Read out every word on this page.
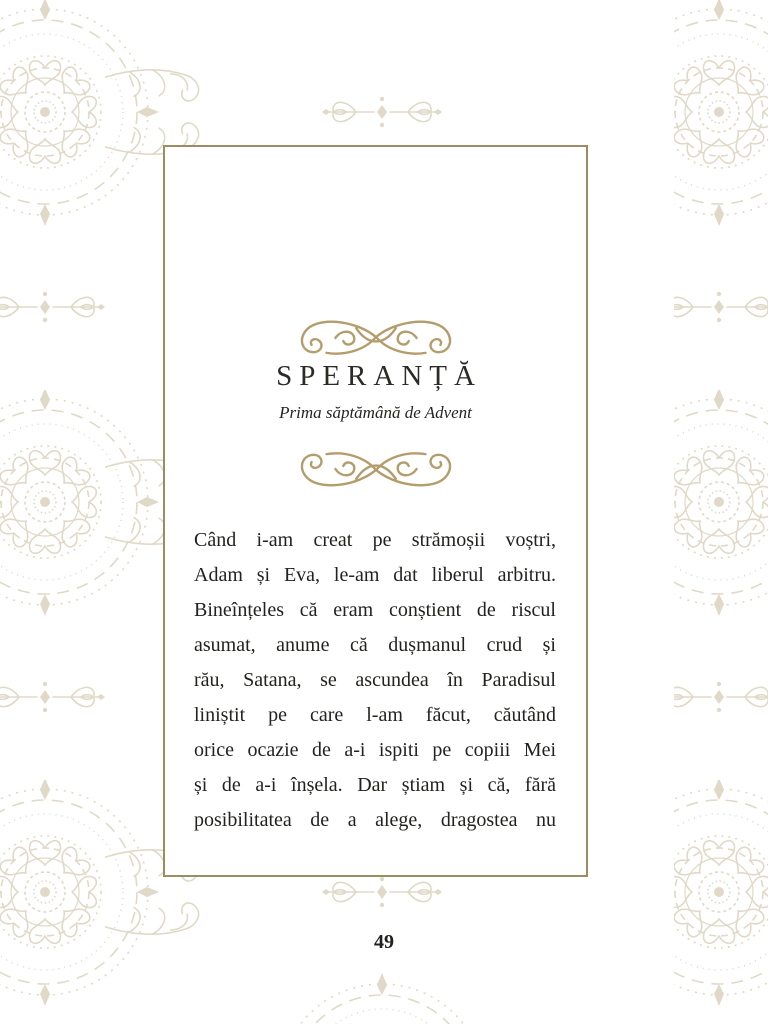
SPERANȚĂ
Prima săptămână de Advent
Când i-am creat pe strămoșii voștri,
Adam și Eva, le-am dat liberul arbitru.
Bineînțeles că eram conștient de riscul
asumat, anume că dușmanul crud și
rău, Satana, se ascundea în Paradisul
liniștit pe care l-am făcut, căutând
orice ocazie de a-i ispiti pe copiii Mei
și de a-i înșela. Dar știam și că, fără
posibilitatea de a alege, dragostea nu
49
